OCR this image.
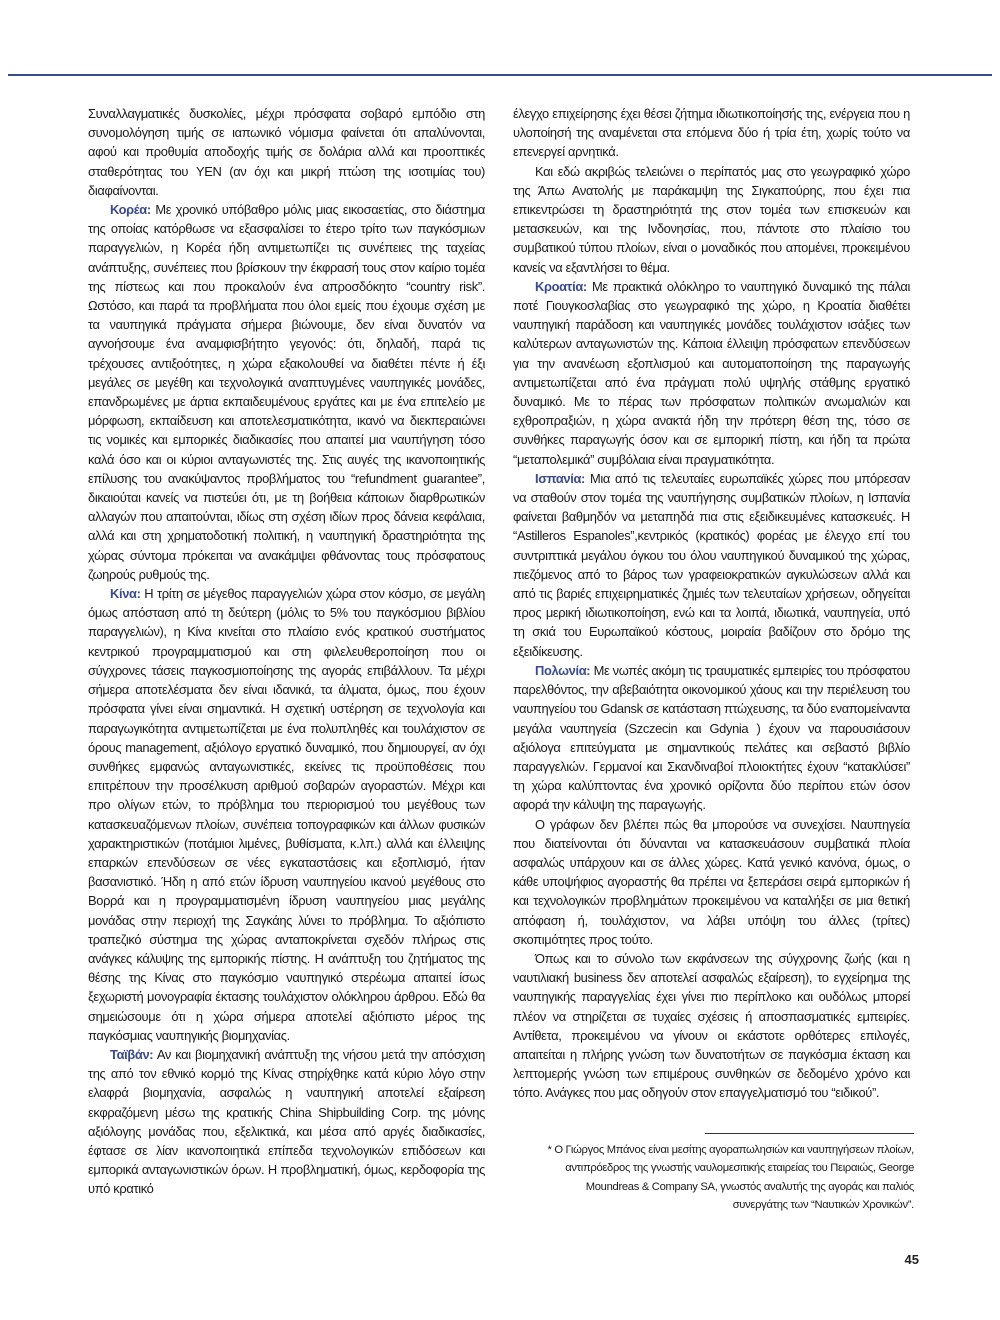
Συναλλαγματικές δυσκολίες, μέχρι πρόσφατα σοβαρό εμπόδιο στη συνομολόγηση τιμής σε ιαπωνικό νόμισμα φαίνεται ότι απαλύνονται, αφού και προθυμία αποδοχής τιμής σε δολάρια αλλά και προοπτικές σταθερότητας του YEN (αν όχι και μικρή πτώση της ισοτιμίας του) διαφαίνονται.

Κορέα: Με χρονικό υπόβαθρο μόλις μιας εικοσαετίας, στο διάστημα της οποίας κατόρθωσε να εξασφαλίσει το έτερο τρίτο των παγκόσμιων παραγγελιών, η Κορέα ήδη αντιμετωπίζει τις συνέπειες της ταχείας ανάπτυξης, συνέπειες που βρίσκουν την έκφρασή τους στον καίριο τομέα της πίστεως και που προκαλούν ένα απροσδόκητο “country risk”. Ωστόσο, και παρά τα προβλήματα που όλοι εμείς που έχουμε σχέση με τα ναυπηγικά πράγματα σήμερα βιώνουμε, δεν είναι δυνατόν να αγνοήσουμε ένα αναμφισβήτητο γεγονός: ότι, δηλαδή, παρά τις τρέχουσες αντιξοότητες, η χώρα εξακολουθεί να διαθέτει πέντε ή έξι μεγάλες σε μεγέθη και τεχνολογικά αναπτυγμένες ναυπηγικές μονάδες, επανδρωμένες με άρτια εκπαιδευμένους εργάτες και με ένα επιτελείο με μόρφωση, εκπαίδευση και αποτελεσματικότητα, ικανό να διεκπεραιώνει τις νομικές και εμπορικές διαδικασίες που απαιτεί μια ναυπήγηση τόσο καλά όσο και οι κύριοι ανταγωνιστές της. Στις αυγές της ικανοποιητικής επίλυσης του ανακύψαντος προβλήματος του “refundment guarantee”, δικαιούται κανείς να πιστεύει ότι, με τη βοήθεια κάποιων διαρθρωτικών αλλαγών που απαιτούνται, ιδίως στη σχέση ιδίων προς δάνεια κεφάλαια, αλλά και στη χρηματοδοτική πολιτική, η ναυπηγική δραστηριότητα της χώρας σύντομα πρόκειται να ανακάμψει φθάνοντας τους πρόσφατους ζωηρούς ρυθμούς της.

Κίνα: Η τρίτη σε μέγεθος παραγγελιών χώρα στον κόσμο, σε μεγάλη όμως απόσταση από τη δεύτερη (μόλις το 5% του παγκόσμιου βιβλίου παραγγελιών), η Κίνα κινείται στο πλαίσιο ενός κρατικού συστήματος κεντρικού προγραμματισμού και στη φιλελευθεροποίηση που οι σύγχρονες τάσεις παγκοσμιοποίησης της αγοράς επιβάλλουν. Τα μέχρι σήμερα αποτελέσματα δεν είναι ιδανικά, τα άλματα, όμως, που έχουν πρόσφατα γίνει είναι σημαντικά. Η σχετική υστέρηση σε τεχνολογία και παραγωγικότητα αντιμετωπίζεται με ένα πολυπληθές και τουλάχιστον σε όρους management, αξιόλογο εργατικό δυναμικό, που δημιουργεί, αν όχι συνθήκες εμφανώς ανταγωνιστικές, εκείνες τις προϋποθέσεις που επιτρέπουν την προσέλκυση αριθμού σοβαρών αγοραστών. Μέχρι και προ ολίγων ετών, το πρόβλημα του περιορισμού του μεγέθους των κατασκευαζόμενων πλοίων, συνέπεια τοπογραφικών και άλλων φυσικών χαρακτηριστικών (ποτάμιοι λιμένες, βυθίσματα, κ.λπ.) αλλά και έλλειψης επαρκών επενδύσεων σε νέες εγκαταστάσεις και εξοπλισμό, ήταν βασανιστικό. Ήδη η από ετών ίδρυση ναυπηγείου ικανού μεγέθους στο Βορρά και η προγραμματισμένη ίδρυση ναυπηγείου μιας μεγάλης μονάδας στην περιοχή της Σαγκάης λύνει το πρόβλημα. Το αξιόπιστο τραπεζικό σύστημα της χώρας ανταποκρίνεται σχεδόν πλήρως στις ανάγκες κάλυψης της εμπορικής πίστης. Η ανάπτυξη του ζητήματος της θέσης της Κίνας στο παγκόσμιο ναυπηγικό στερέωμα απαιτεί ίσως ξεχωριστή μονογραφία έκτασης τουλάχιστον ολόκληρου άρθρου. Εδώ θα σημειώσουμε ότι η χώρα σήμερα αποτελεί αξιόπιστο μέρος της παγκόσμιας ναυπηγικής βιομηχανίας.

Ταϊβάν: Αν και βιομηχανική ανάπτυξη της νήσου μετά την απόσχιση της από τον εθνικό κορμό της Κίνας στηρίχθηκε κατά κύριο λόγο στην ελαφρά βιομηχανία, ασφαλώς η ναυπηγική αποτελεί εξαίρεση εκφραζόμενη μέσω της κρατικής China Shipbuilding Corp. της μόνης αξιόλογης μονάδας που, εξελικτικά, και μέσα από αργές διαδικασίες, έφτασε σε λίαν ικανοποιητικά επίπεδα τεχνολογικών επιδόσεων και εμπορικά ανταγωνιστικών όρων. Η προβληματική, όμως, κερδοφορία της υπό κρατικό

έλεγχο επιχείρησης έχει θέσει ζήτημα ιδιωτικοποίησής της, ενέργεια που η υλοποίησή της αναμένεται στα επόμενα δύο ή τρία έτη, χωρίς τούτο να επενεργεί αρνητικά.

Και εδώ ακριβώς τελειώνει ο περίπατός μας στο γεωγραφικό χώρο της Άπω Ανατολής με παράκαμψη της Σιγκαπούρης, που έχει πια επικεντρώσει τη δραστηριότητά της στον τομέα των επισκευών και μετασκευών, και της Ινδονησίας, που, πάντοτε στο πλαίσιο του συμβατικού τύπου πλοίων, είναι ο μοναδικός που απομένει, προκειμένου κανείς να εξαντλήσει το θέμα.

Κροατία: Με πρακτικά ολόκληρο το ναυπηγικό δυναμικό της πάλαι ποτέ Γιουγκοσλαβίας στο γεωγραφικό της χώρο, η Κροατία διαθέτει ναυπηγική παράδοση και ναυπηγικές μονάδες τουλάχιστον ισάξιες των καλύτερων ανταγωνιστών της. Κάποια έλλειψη πρόσφατων επενδύσεων για την ανανέωση εξοπλισμού και αυτοματοποίηση της παραγωγής αντιμετωπίζεται από ένα πράγματι πολύ υψηλής στάθμης εργατικό δυναμικό. Με το πέρας των πρόσφατων πολιτικών ανωμαλιών και εχθροπραξιών, η χώρα ανακτά ήδη την πρότερη θέση της, τόσο σε συνθήκες παραγωγής όσον και σε εμπορική πίστη, και ήδη τα πρώτα “μεταπολεμικά” συμβόλαια είναι πραγματικότητα.

Ισπανία: Μια από τις τελευταίες ευρωπαϊκές χώρες που μπόρεσαν να σταθούν στον τομέα της ναυπήγησης συμβατικών πλοίων, η Ισπανία φαίνεται βαθμηδόν να μεταπηδά πια στις εξειδικευμένες κατασκευές. Η “Astilleros Espanoles”,κεντρικός (κρατικός) φορέας με έλεγχο επί του συντριπτικά μεγάλου όγκου του όλου ναυπηγικού δυναμικού της χώρας, πιεζόμενος από το βάρος των γραφειοκρατικών αγκυλώσεων αλλά και από τις βαριές επιχειρηματικές ζημιές των τελευταίων χρήσεων, οδηγείται προς μερική ιδιωτικοποίηση, ενώ και τα λοιπά, ιδιωτικά, ναυπηγεία, υπό τη σκιά του Ευρωπαϊκού κόστους, μοιραία βαδίζουν στο δρόμο της εξειδίκευσης.

Πολωνία: Με νωπές ακόμη τις τραυματικές εμπειρίες του πρόσφατου παρελθόντος, την αβεβαιότητα οικονομικού χάους και την περιέλευση του ναυπηγείου του Gdansk σε κατάσταση πτώχευσης, τα δύο εναπομείναντα μεγάλα ναυπηγεία (Szczecin και Gdynia ) έχουν να παρουσιάσουν αξιόλογα επιτεύγματα με σημαντικούς πελάτες και σεβαστό βιβλίο παραγγελιών. Γερμανοί και Σκανδιναβοί πλοιοκτήτες έχουν “κατακλύσει” τη χώρα καλύπτοντας ένα χρονικό ορίζοντα δύο περίπου ετών όσον αφορά την κάλυψη της παραγωγής.

Ο γράφων δεν βλέπει πώς θα μπορούσε να συνεχίσει. Ναυπηγεία που διατείνονται ότι δύνανται να κατασκευάσουν συμβατικά πλοία ασφαλώς υπάρχουν και σε άλλες χώρες. Κατά γενικό κανόνα, όμως, ο κάθε υποψήφιος αγοραστής θα πρέπει να ξεπεράσει σειρά εμπορικών ή και τεχνολογικών προβλημάτων προκειμένου να καταλήξει σε μια θετική απόφαση ή, τουλάχιστον, να λάβει υπόψη του άλλες (τρίτες) σκοπιμότητες προς τούτο.

Όπως και το σύνολο των εκφάνσεων της σύγχρονης ζωής (και η ναυτιλιακή business δεν αποτελεί ασφαλώς εξαίρεση), το εγχείρημα της ναυπηγικής παραγγελίας έχει γίνει πιο περίπλοκο και ουδόλως μπορεί πλέον να στηρίζεται σε τυχαίες σχέσεις ή αποσπασματικές εμπειρίες. Αντίθετα, προκειμένου να γίνουν οι εκάστοτε ορθότερες επιλογές, απαιτείται η πλήρης γνώση των δυνατοτήτων σε παγκόσμια έκταση και λεπτομερής γνώση των επιμέρους συνθηκών σε δεδομένο χρόνο και τόπο. Ανάγκες που μας οδηγούν στον επαγγελματισμό του “ειδικού”.

* Ο Γιώργος Μπάνος είναι μεσίτης αγοραπωλησιών και ναυπηγήσεων πλοίων,
αντιπρόεδρος της γνωστής ναυλομεσιτικής εταιρείας του Πειραιώς, George
Moundreas & Company SA, γνωστός αναλυτής της αγοράς και παλιός
συνεργάτης των “Ναυτικών Χρονικών”.
45
